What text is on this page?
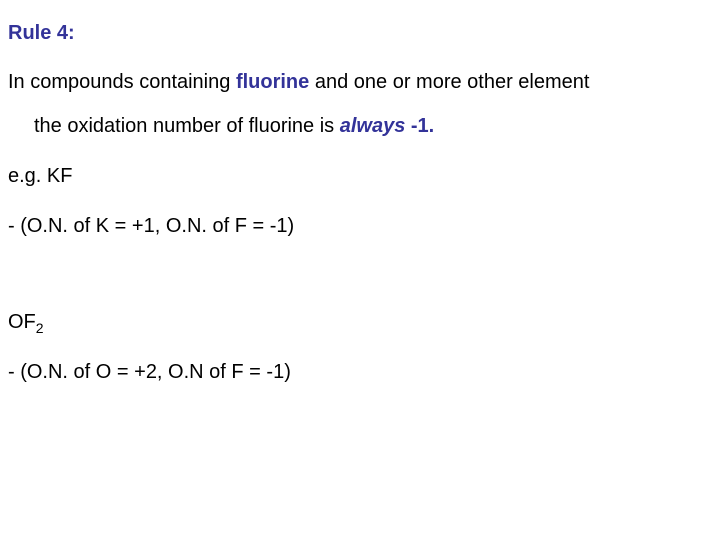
Rule 4:
In compounds containing fluorine and one or more other element
the oxidation number of fluorine is always -1.
e.g. KF
- (O.N. of K = +1, O.N. of F = -1)
$OF_2$
- (O.N. of O = +2, O.N of F = -1)
